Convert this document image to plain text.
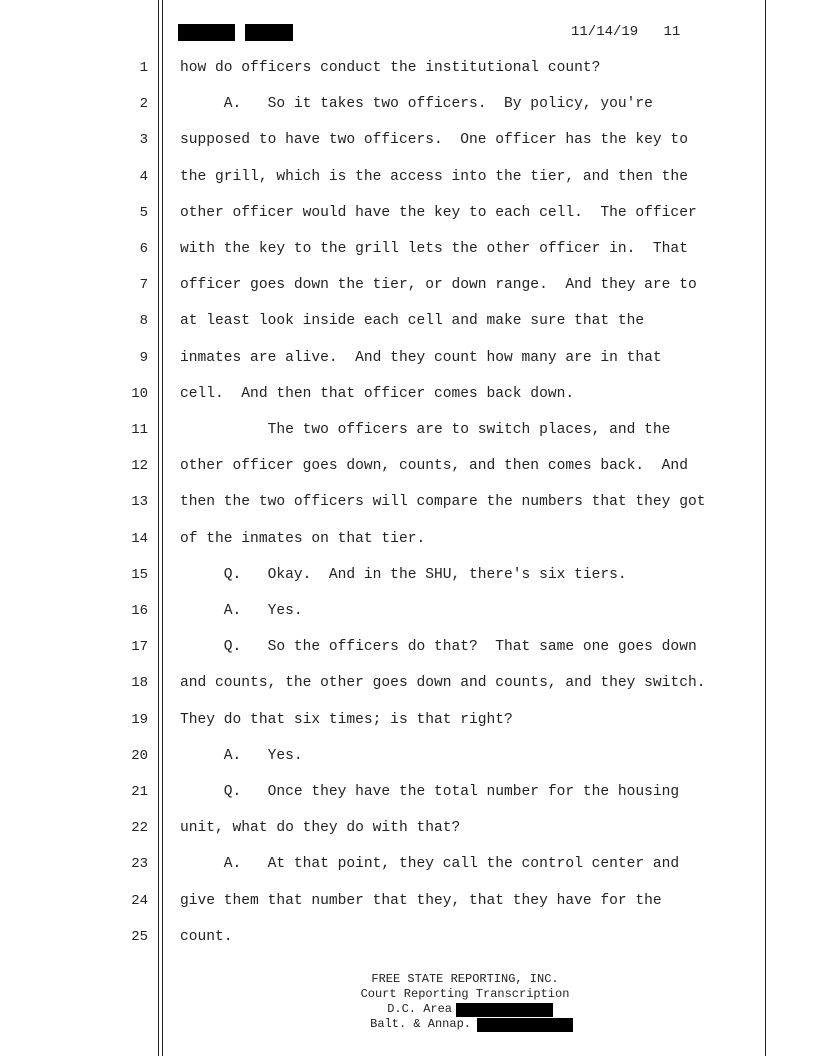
11/14/19 11
1 how do officers conduct the institutional count?
2 A.   So it takes two officers.  By policy, you're
3 supposed to have two officers.  One officer has the key to
4 the grill, which is the access into the tier, and then the
5 other officer would have the key to each cell.  The officer
6 with the key to the grill lets the other officer in.  That
7 officer goes down the tier, or down range.  And they are to
8 at least look inside each cell and make sure that the
9 inmates are alive.  And they count how many are in that
10 cell.  And then that officer comes back down.
11 The two officers are to switch places, and the
12 other officer goes down, counts, and then comes back.  And
13 then the two officers will compare the numbers that they got
14 of the inmates on that tier.
15 Q.   Okay.  And in the SHU, there's six tiers.
16 A.   Yes.
17 Q.   So the officers do that?  That same one goes down
18 and counts, the other goes down and counts, and they switch.
19 They do that six times; is that right?
20 A.   Yes.
21 Q.   Once they have the total number for the housing
22 unit, what do they do with that?
23 A.   At that point, they call the control center and
24 give them that number that they, that they have for the
25 count.
FREE STATE REPORTING, INC.
Court Reporting Transcription
D.C. Area
Balt. & Annap.
